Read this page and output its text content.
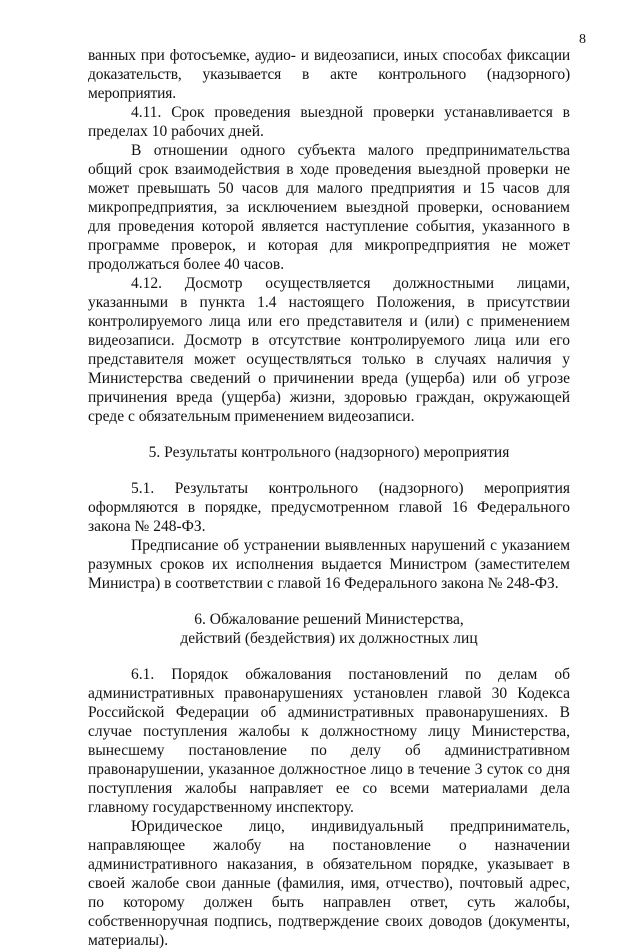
8

ванных при фотосъемке, аудио- и видеозаписи, иных способах фиксации доказательств, указывается в акте контрольного (надзорного) мероприятия.

4.11. Срок проведения выездной проверки устанавливается в пределах 10 рабочих дней.

В отношении одного субъекта малого предпринимательства общий срок взаимодействия в ходе проведения выездной проверки не может превышать 50 часов для малого предприятия и 15 часов для микропредприятия, за исключением выездной проверки, основанием для проведения которой является наступление события, указанного в программе проверок, и которая для микропредприятия не может продолжаться более 40 часов.

4.12. Досмотр осуществляется должностными лицами, указанными в пункта 1.4 настоящего Положения, в присутствии контролируемого лица или его представителя и (или) с применением видеозаписи. Досмотр в отсутствие контролируемого лица или его представителя может осуществляться только в случаях наличия у Министерства сведений о причинении вреда (ущерба) или об угрозе причинения вреда (ущерба) жизни, здоровью граждан, окружающей среде с обязательным применением видеозаписи.

5. Результаты контрольного (надзорного) мероприятия

5.1. Результаты контрольного (надзорного) мероприятия оформляются в порядке, предусмотренном главой 16 Федерального закона № 248-ФЗ.

Предписание об устранении выявленных нарушений с указанием разумных сроков их исполнения выдается Министром (заместителем Министра) в соответствии с главой 16 Федерального закона № 248-ФЗ.

6. Обжалование решений Министерства,

действий (бездействия) их должностных лиц

6.1. Порядок обжалования постановлений по делам об административных правонарушениях установлен главой 30 Кодекса Российской Федерации об административных правонарушениях. В случае поступления жалобы к должностному лицу Министерства, вынесшему постановление по делу об административном правонарушении, указанное должностное лицо в течение 3 суток со дня поступления жалобы направляет ее со всеми материалами дела главному государственному инспектору.

Юридическое лицо, индивидуальный предприниматель, направляющее жалобу на постановление о назначении административного наказания, в обязательном порядке, указывает в своей жалобе свои данные (фамилия, имя, отчество), почтовый адрес, по которому должен быть направлен ответ, суть жалобы, собственноручная подпись, подтверждение своих доводов (документы, материалы).
